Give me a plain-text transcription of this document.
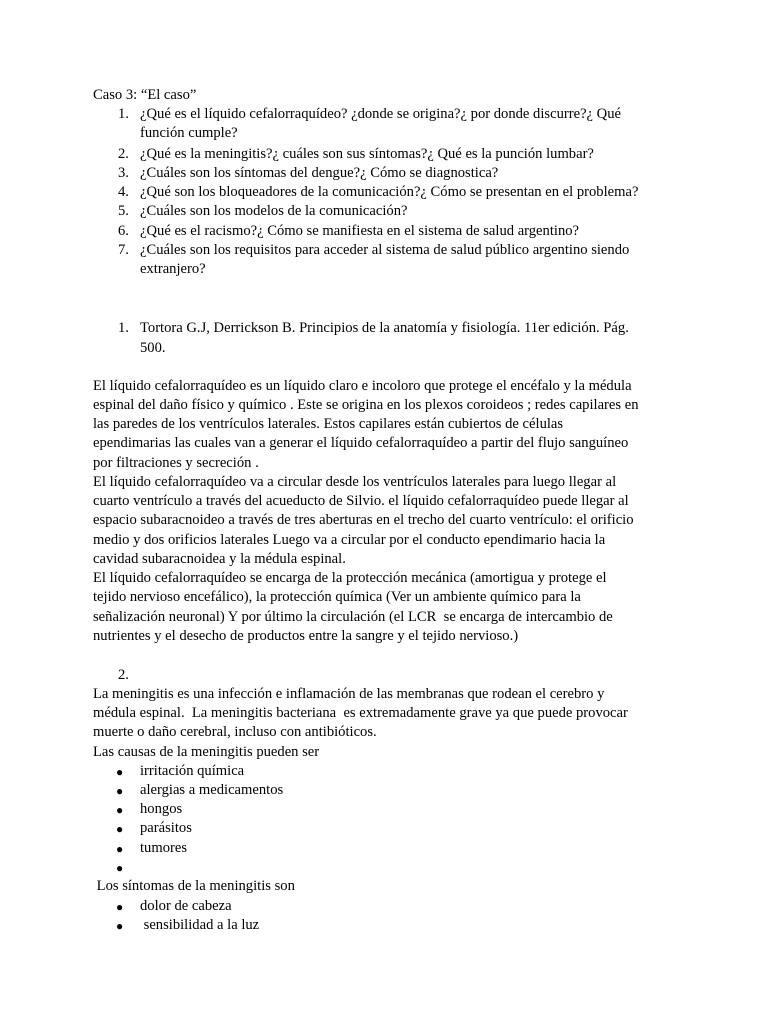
Caso 3: “El caso”
1. ¿Qué es el líquido cefalorraquídeo? ¿donde se origina?¿ por donde discurre?¿ Qué
función cumple?
2. ¿Qué es la meningitis?¿ cuáles son sus síntomas?¿ Qué es la punción lumbar?
3. ¿Cuáles son los síntomas del dengue?¿ Cómo se diagnostica?
4. ¿Qué son los bloqueadores de la comunicación?¿ Cómo se presentan en el problema?
5. ¿Cuáles son los modelos de la comunicación?
6. ¿Qué es el racismo?¿ Cómo se manifiesta en el sistema de salud argentino?
7. ¿Cuáles son los requisitos para acceder al sistema de salud público argentino siendo
extranjero?
1. Tortora G.J, Derrickson B. Principios de la anatomía y fisiología. 11er edición. Pág.
500.
El líquido cefalorraquídeo es un líquido claro e incoloro que protege el encéfalo y la médula
espinal del daño físico y químico . Este se origina en los plexos coroideos ; redes capilares en
las paredes de los ventrículos laterales. Estos capilares están cubiertos de células
ependimarias las cuales van a generar el líquido cefalorraquídeo a partir del flujo sanguíneo
por filtraciones y secreción .
El líquido cefalorraquídeo va a circular desde los ventrículos laterales para luego llegar al
cuarto ventrículo a través del acueducto de Silvio. el líquido cefalorraquídeo puede llegar al
espacio subaracnoideo a través de tres aberturas en el trecho del cuarto ventrículo: el orificio
medio y dos orificios laterales Luego va a circular por el conducto ependimario hacia la
cavidad subaracnoidea y la médula espinal.
El líquido cefalorraquídeo se encarga de la protección mecánica (amortigua y protege el
tejido nervioso encefálico), la protección química (Ver un ambiente químico para la
señalización neuronal) Y por último la circulación (el LCR  se encarga de intercambio de
nutrientes y el desecho de productos entre la sangre y el tejido nervioso.)
2.
La meningitis es una infección e inflamación de las membranas que rodean el cerebro y
médula espinal.  La meningitis bacteriana  es extremadamente grave ya que puede provocar
muerte o daño cerebral, incluso con antibióticos.
Las causas de la meningitis pueden ser
● irritación química
● alergias a medicamentos
● hongos
● parásitos
● tumores
●
Los síntomas de la meningitis son
● dolor de cabeza
● sensibilidad a la luz
